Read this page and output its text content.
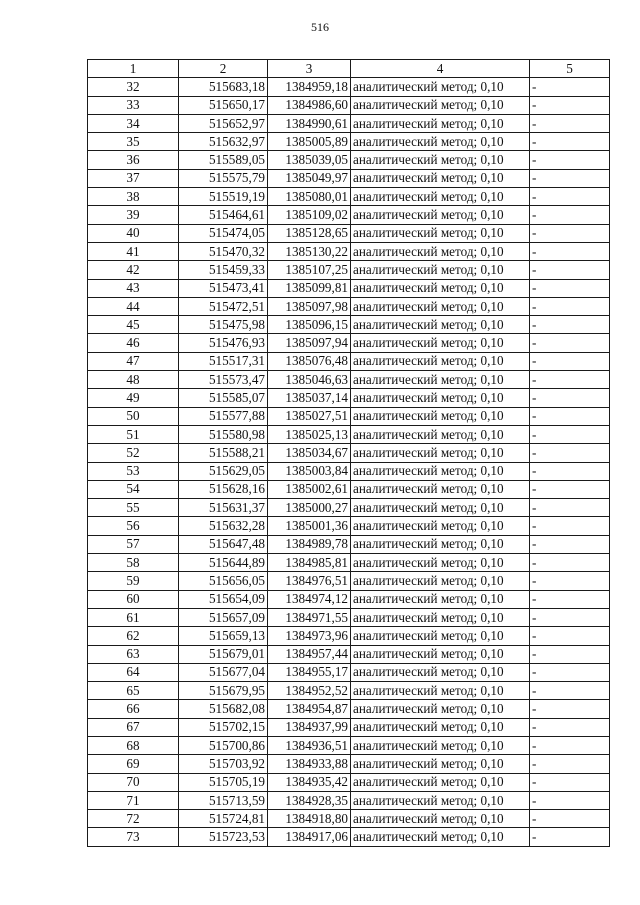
516
1	2	3	4	5
32	515683,18	1384959,18	аналитический метод; 0,10	-
33	515650,17	1384986,60	аналитический метод; 0,10	-
34	515652,97	1384990,61	аналитический метод; 0,10	-
35	515632,97	1385005,89	аналитический метод; 0,10	-
36	515589,05	1385039,05	аналитический метод; 0,10	-
37	515575,79	1385049,97	аналитический метод; 0,10	-
38	515519,19	1385080,01	аналитический метод; 0,10	-
39	515464,61	1385109,02	аналитический метод; 0,10	-
40	515474,05	1385128,65	аналитический метод; 0,10	-
41	515470,32	1385130,22	аналитический метод; 0,10	-
42	515459,33	1385107,25	аналитический метод; 0,10	-
43	515473,41	1385099,81	аналитический метод; 0,10	-
44	515472,51	1385097,98	аналитический метод; 0,10	-
45	515475,98	1385096,15	аналитический метод; 0,10	-
46	515476,93	1385097,94	аналитический метод; 0,10	-
47	515517,31	1385076,48	аналитический метод; 0,10	-
48	515573,47	1385046,63	аналитический метод; 0,10	-
49	515585,07	1385037,14	аналитический метод; 0,10	-
50	515577,88	1385027,51	аналитический метод; 0,10	-
51	515580,98	1385025,13	аналитический метод; 0,10	-
52	515588,21	1385034,67	аналитический метод; 0,10	-
53	515629,05	1385003,84	аналитический метод; 0,10	-
54	515628,16	1385002,61	аналитический метод; 0,10	-
55	515631,37	1385000,27	аналитический метод; 0,10	-
56	515632,28	1385001,36	аналитический метод; 0,10	-
57	515647,48	1384989,78	аналитический метод; 0,10	-
58	515644,89	1384985,81	аналитический метод; 0,10	-
59	515656,05	1384976,51	аналитический метод; 0,10	-
60	515654,09	1384974,12	аналитический метод; 0,10	-
61	515657,09	1384971,55	аналитический метод; 0,10	-
62	515659,13	1384973,96	аналитический метод; 0,10	-
63	515679,01	1384957,44	аналитический метод; 0,10	-
64	515677,04	1384955,17	аналитический метод; 0,10	-
65	515679,95	1384952,52	аналитический метод; 0,10	-
66	515682,08	1384954,87	аналитический метод; 0,10	-
67	515702,15	1384937,99	аналитический метод; 0,10	-
68	515700,86	1384936,51	аналитический метод; 0,10	-
69	515703,92	1384933,88	аналитический метод; 0,10	-
70	515705,19	1384935,42	аналитический метод; 0,10	-
71	515713,59	1384928,35	аналитический метод; 0,10	-
72	515724,81	1384918,80	аналитический метод; 0,10	-
73	515723,53	1384917,06	аналитический метод; 0,10	-
